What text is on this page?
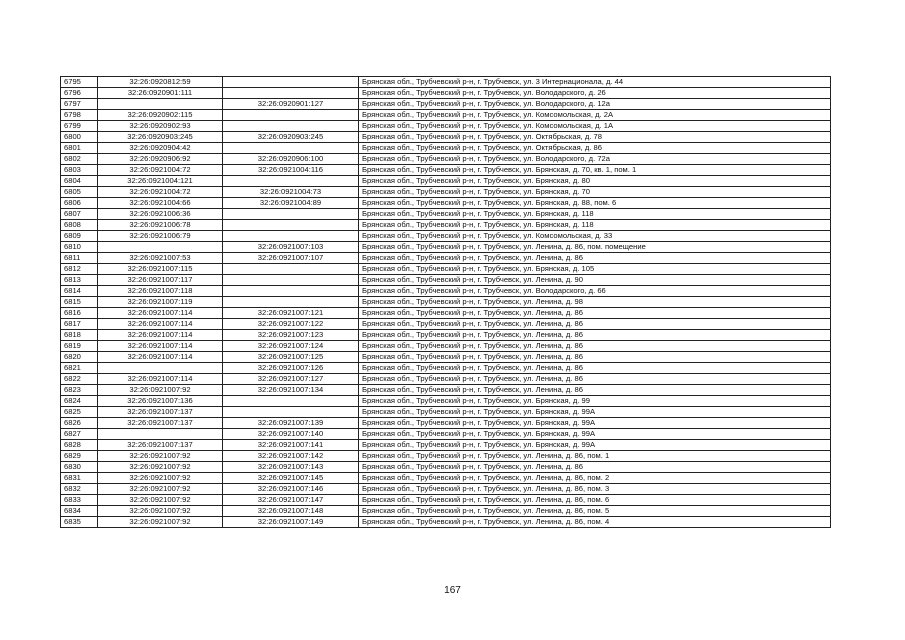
6795	32:26:0920812:59		Брянская обл., Трубчевский р-н, г. Трубчевск, ул. 3 Интернационала, д. 44
6796	32:26:0920901:111		Брянская обл., Трубчевский р-н, г. Трубчевск, ул. Володарского, д. 26
6797		32:26:0920901:127	Брянская обл., Трубчевский р-н, г. Трубчевск, ул. Володарского, д. 12а
6798	32:26:0920902:115		Брянская обл., Трубчевский р-н, г. Трубчевск, ул. Комсомольская, д. 2А
6799	32:26:0920902:93		Брянская обл., Трубчевский р-н, г. Трубчевск, ул. Комсомольская, д. 1А
6800	32:26:0920903:245	32:26:0920903:245	Брянская обл., Трубчевский р-н, г. Трубчевск, ул. Октябрьская, д. 78
6801	32:26:0920904:42		Брянская обл., Трубчевский р-н, г. Трубчевск, ул. Октябрьская, д. 86
6802	32:26:0920906:92	32:26:0920906:100	Брянская обл., Трубчевский р-н, г. Трубчевск, ул. Володарского, д. 72а
6803	32:26:0921004:72	32:26:0921004:116	Брянская обл., Трубчевский р-н, г. Трубчевск, ул. Брянская, д. 70, кв. 1, пом. 1
6804	32:26:0921004:121		Брянская обл., Трубчевский р-н, г. Трубчевск, ул. Брянская, д. 80
6805	32:26:0921004:72	32:26:0921004:73	Брянская обл., Трубчевский р-н, г. Трубчевск, ул. Брянская, д. 70
6806	32:26:0921004:66	32:26:0921004:89	Брянская обл., Трубчевский р-н, г. Трубчевск, ул. Брянская, д. 88, пом. 6
6807	32:26:0921006:36		Брянская обл., Трубчевский р-н, г. Трубчевск, ул. Брянская, д. 118
6808	32:26:0921006:78		Брянская обл., Трубчевский р-н, г. Трубчевск, ул. Брянская, д. 118
6809	32:26:0921006:79		Брянская обл., Трубчевский р-н, г. Трубчевск, ул. Комсомольская, д. 33
6810		32:26:0921007:103	Брянская обл., Трубчевский р-н, г. Трубчевск, ул. Ленина, д. 86, пом. помещение
6811	32:26:0921007:53	32:26:0921007:107	Брянская обл., Трубчевский р-н, г. Трубчевск, ул. Ленина, д. 86
6812	32:26:0921007:115		Брянская обл., Трубчевский р-н, г. Трубчевск, ул. Брянская, д. 105
6813	32:26:0921007:117		Брянская обл., Трубчевский р-н, г. Трубчевск, ул. Ленина, д. 90
6814	32:26:0921007:118		Брянская обл., Трубчевский р-н, г. Трубчевск, ул. Володарского, д. 66
6815	32:26:0921007:119		Брянская обл., Трубчевский р-н, г. Трубчевск, ул. Ленина, д. 98
6816	32:26:0921007:114	32:26:0921007:121	Брянская обл., Трубчевский р-н, г. Трубчевск, ул. Ленина, д. 86
6817	32:26:0921007:114	32:26:0921007:122	Брянская обл., Трубчевский р-н, г. Трубчевск, ул. Ленина, д. 86
6818	32:26:0921007:114	32:26:0921007:123	Брянская обл., Трубчевский р-н, г. Трубчевск, ул. Ленина, д. 86
6819	32:26:0921007:114	32:26:0921007:124	Брянская обл., Трубчевский р-н, г. Трубчевск, ул. Ленина, д. 86
6820	32:26:0921007:114	32:26:0921007:125	Брянская обл., Трубчевский р-н, г. Трубчевск, ул. Ленина, д. 86
6821		32:26:0921007:126	Брянская обл., Трубчевский р-н, г. Трубчевск, ул. Ленина, д. 86
6822	32:26:0921007:114	32:26:0921007:127	Брянская обл., Трубчевский р-н, г. Трубчевск, ул. Ленина, д. 86
6823	32:26:0921007:92	32:26:0921007:134	Брянская обл., Трубчевский р-н, г. Трубчевск, ул. Ленина, д. 86
6824	32:26:0921007:136		Брянская обл., Трубчевский р-н, г. Трубчевск, ул. Брянская, д. 99
6825	32:26:0921007:137		Брянская обл., Трубчевский р-н, г. Трубчевск, ул. Брянская, д. 99А
6826	32:26:0921007:137	32:26:0921007:139	Брянская обл., Трубчевский р-н, г. Трубчевск, ул. Брянская, д. 99А
6827		32:26:0921007:140	Брянская обл., Трубчевский р-н, г. Трубчевск, ул. Брянская, д. 99А
6828	32:26:0921007:137	32:26:0921007:141	Брянская обл., Трубчевский р-н, г. Трубчевск, ул. Брянская, д. 99А
6829	32:26:0921007:92	32:26:0921007:142	Брянская обл., Трубчевский р-н, г. Трубчевск, ул. Ленина, д. 86, пом. 1
6830	32:26:0921007:92	32:26:0921007:143	Брянская обл., Трубчевский р-н, г. Трубчевск, ул. Ленина, д. 86
6831	32:26:0921007:92	32:26:0921007:145	Брянская обл., Трубчевский р-н, г. Трубчевск, ул. Ленина, д. 86, пом. 2
6832	32:26:0921007:92	32:26:0921007:146	Брянская обл., Трубчевский р-н, г. Трубчевск, ул. Ленина, д. 86, пом. 3
6833	32:26:0921007:92	32:26:0921007:147	Брянская обл., Трубчевский р-н, г. Трубчевск, ул. Ленина, д. 86, пом. 6
6834	32:26:0921007:92	32:26:0921007:148	Брянская обл., Трубчевский р-н, г. Трубчевск, ул. Ленина, д. 86, пом. 5
6835	32:26:0921007:92	32:26:0921007:149	Брянская обл., Трубчевский р-н, г. Трубчевск, ул. Ленина, д. 86, пом. 4
167
